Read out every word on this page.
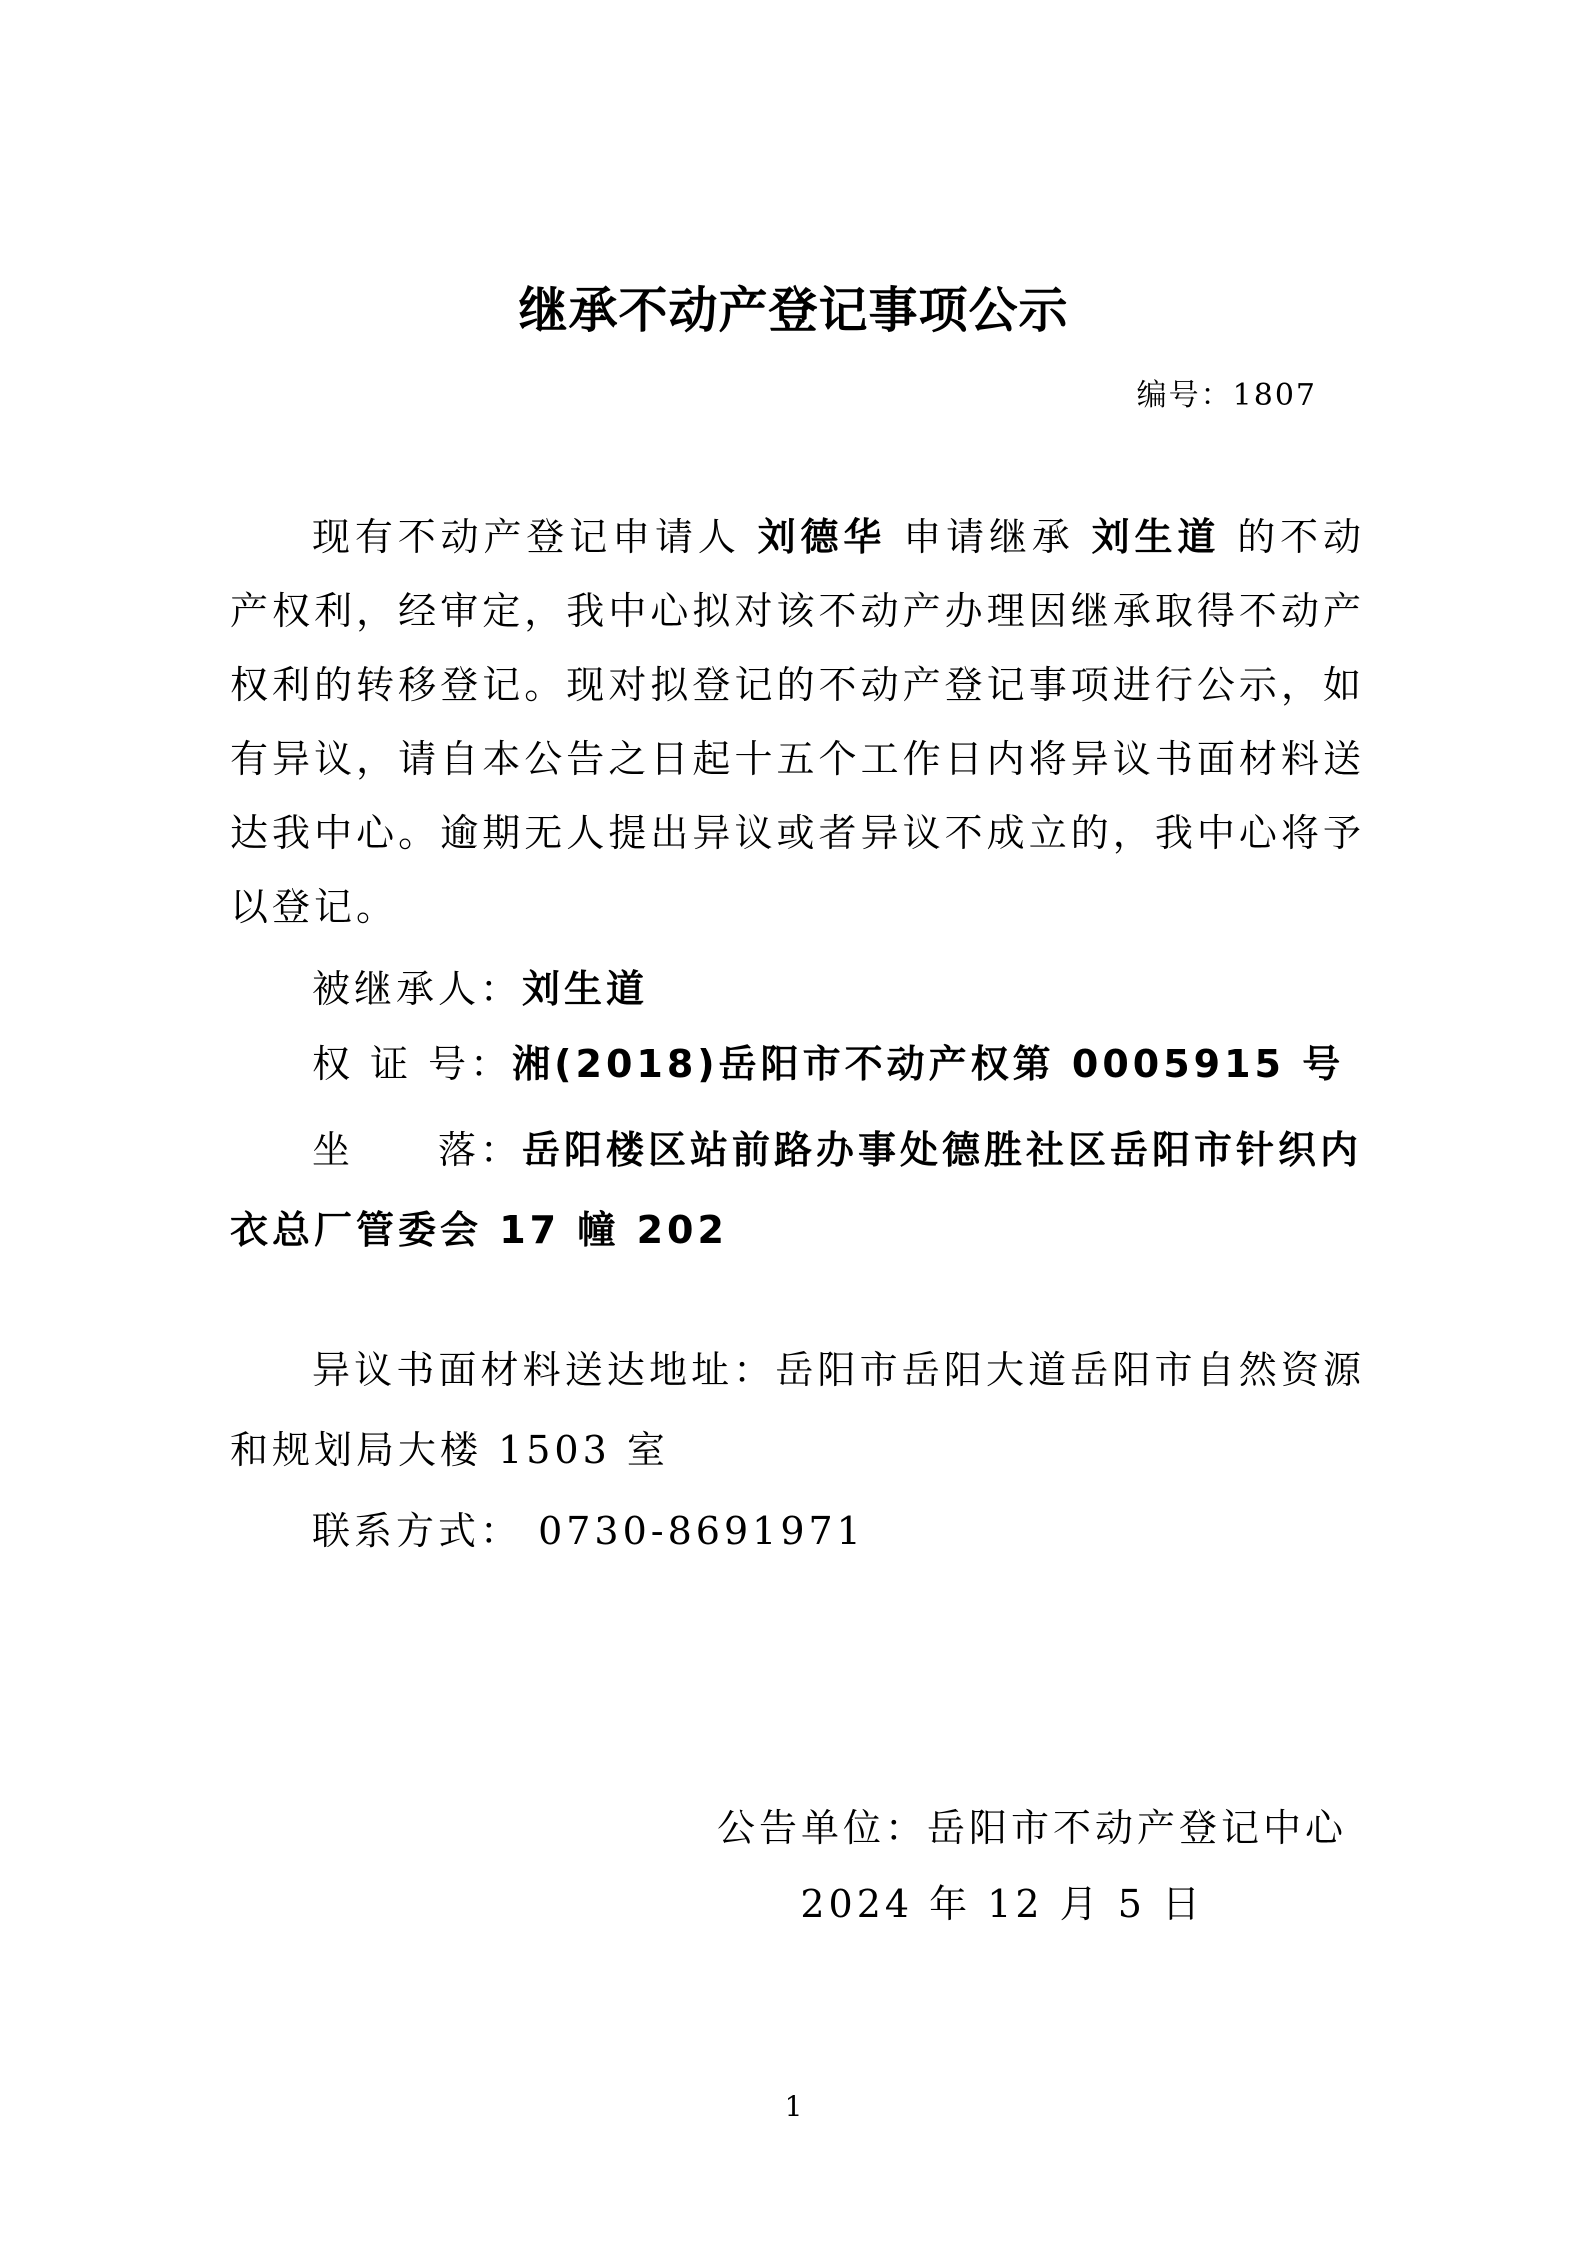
继承不动产登记事项公示
编号：1807
现有不动产登记申请人 刘德华 申请继承 刘生道 的不动产权利，经审定，我中心拟对该不动产办理因继承取得不动产权利的转移登记。现对拟登记的不动产登记事项进行公示，如有异议，请自本公告之日起十五个工作日内将异议书面材料送达我中心。逾期无人提出异议或者异议不成立的，我中心将予以登记。
被继承人：刘生道
权 证 号：湘(2018)岳阳市不动产权第 0005915 号
坐　　落：岳阳楼区站前路办事处德胜社区岳阳市针织内衣总厂管委会 17 幢 202
异议书面材料送达地址：岳阳市岳阳大道岳阳市自然资源和规划局大楼 1503 室
联系方式： 0730-8691971
公告单位：岳阳市不动产登记中心
2024 年 12 月 5 日
1
